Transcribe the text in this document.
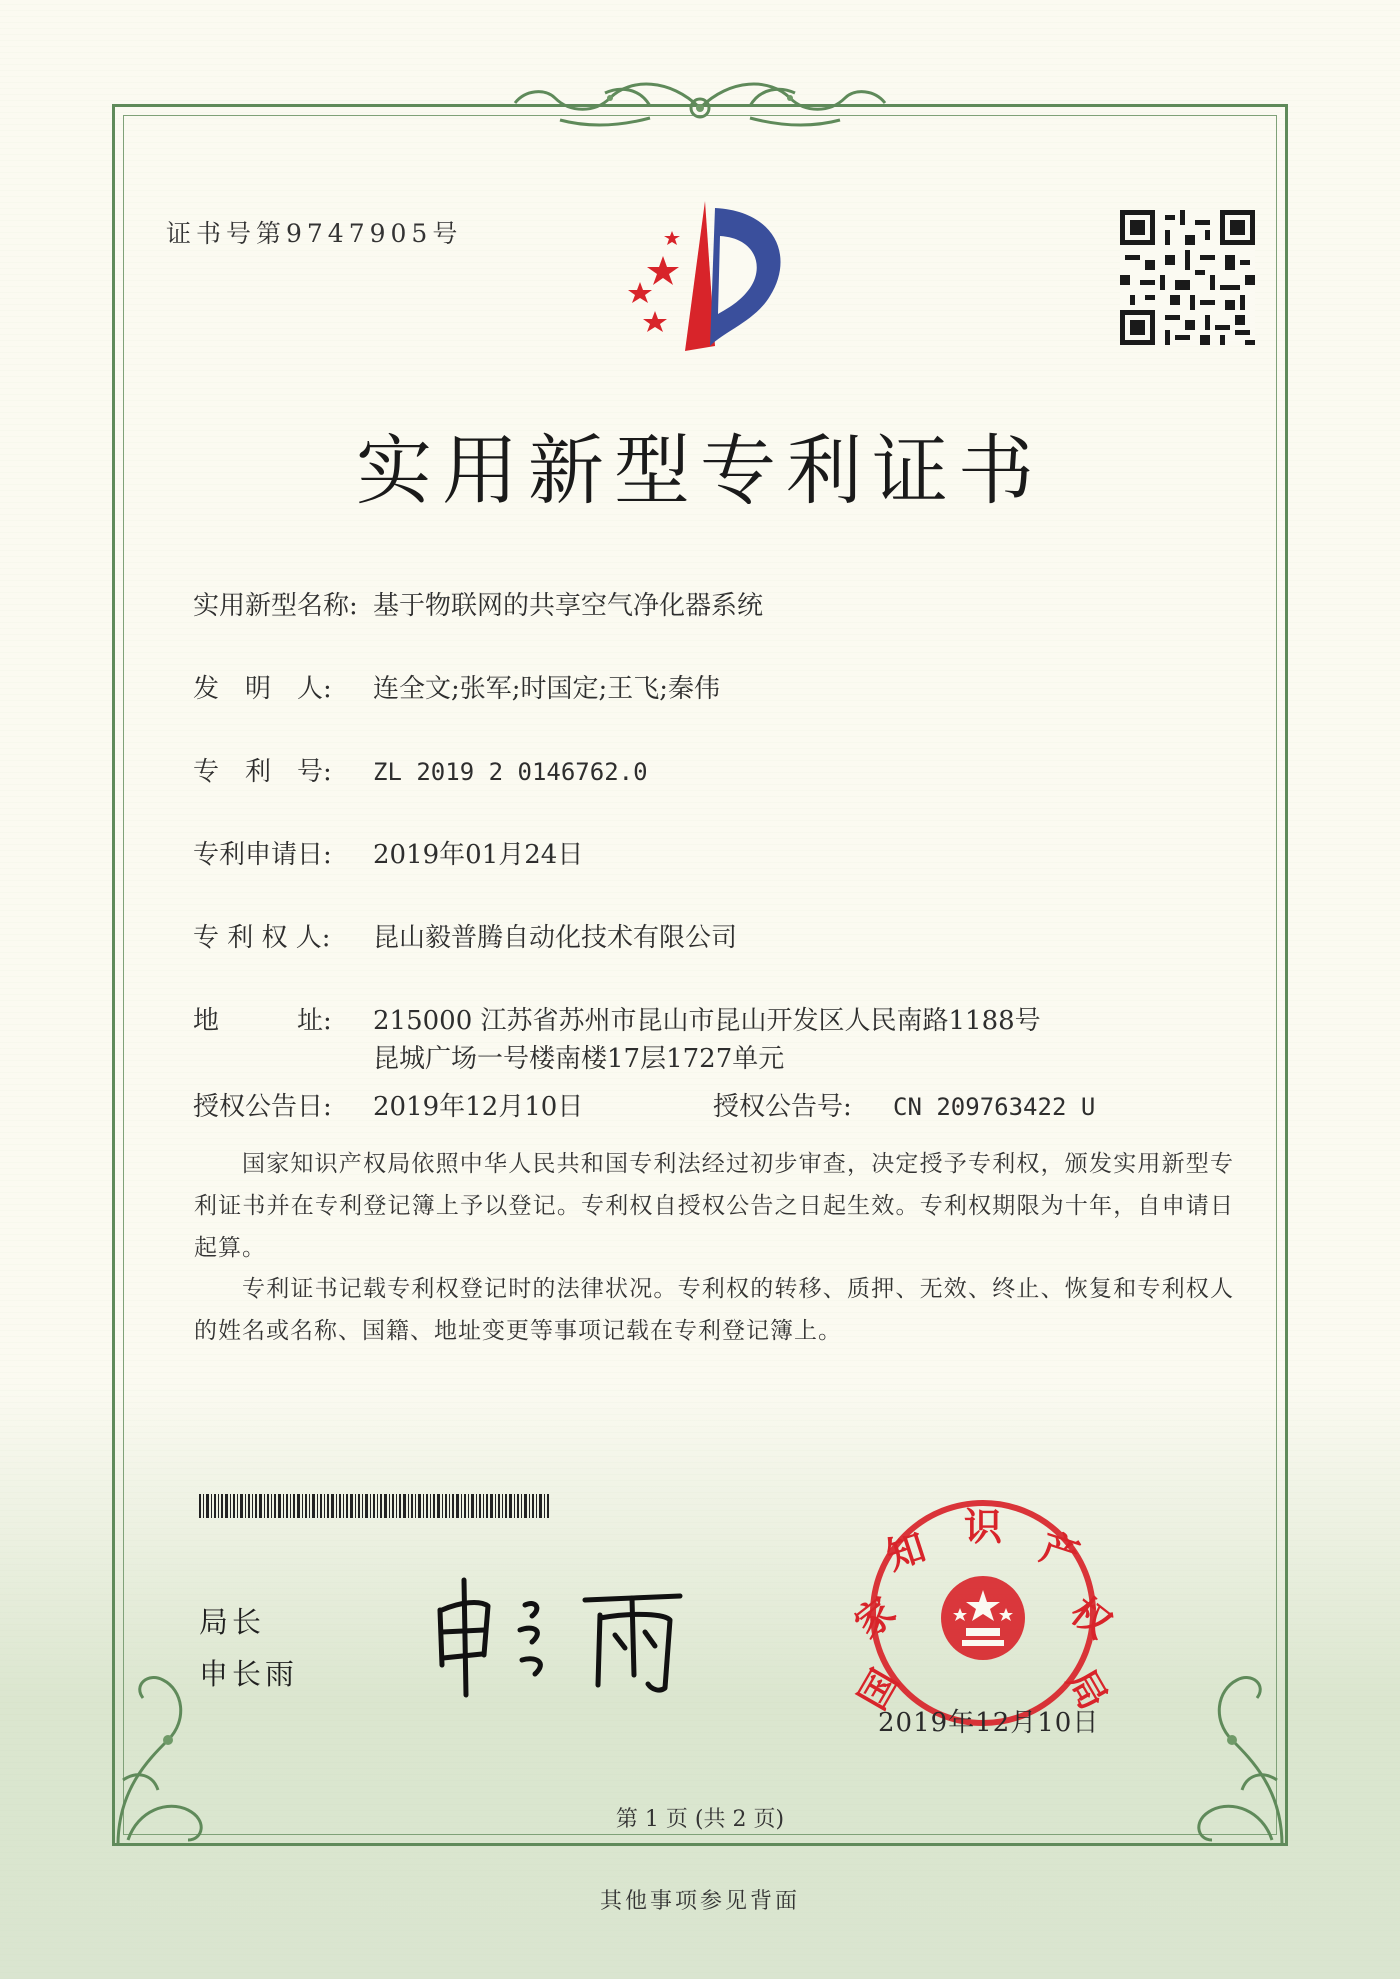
证书号第9747905号
实用新型专利证书
实用新型名称: 基于物联网的共享空气净化器系统
发　明　人: 连全文;张军;时国定;王飞;秦伟
专　利　号: ZL 2019 2 0146762.0
专利申请日: 2019年01月24日
专 利 权 人: 昆山毅普腾自动化技术有限公司
地　　　址: 215000 江苏省苏州市昆山市昆山开发区人民南路1188号
昆城广场一号楼南楼17层1727单元
授权公告日: 2019年12月10日	授权公告号: CN 209763422 U
国家知识产权局依照中华人民共和国专利法经过初步审查，决定授予专利权，颁发实用新型专利证书并在专利登记簿上予以登记。专利权自授权公告之日起生效。专利权期限为十年，自申请日起算。
专利证书记载专利权登记时的法律状况。专利权的转移、质押、无效、终止、恢复和专利权人的姓名或名称、国籍、地址变更等事项记载在专利登记簿上。
局长
申长雨	国
家
知 识 产
权
局
2019年12月10日
第 1 页 (共 2 页)
其他事项参见背面
